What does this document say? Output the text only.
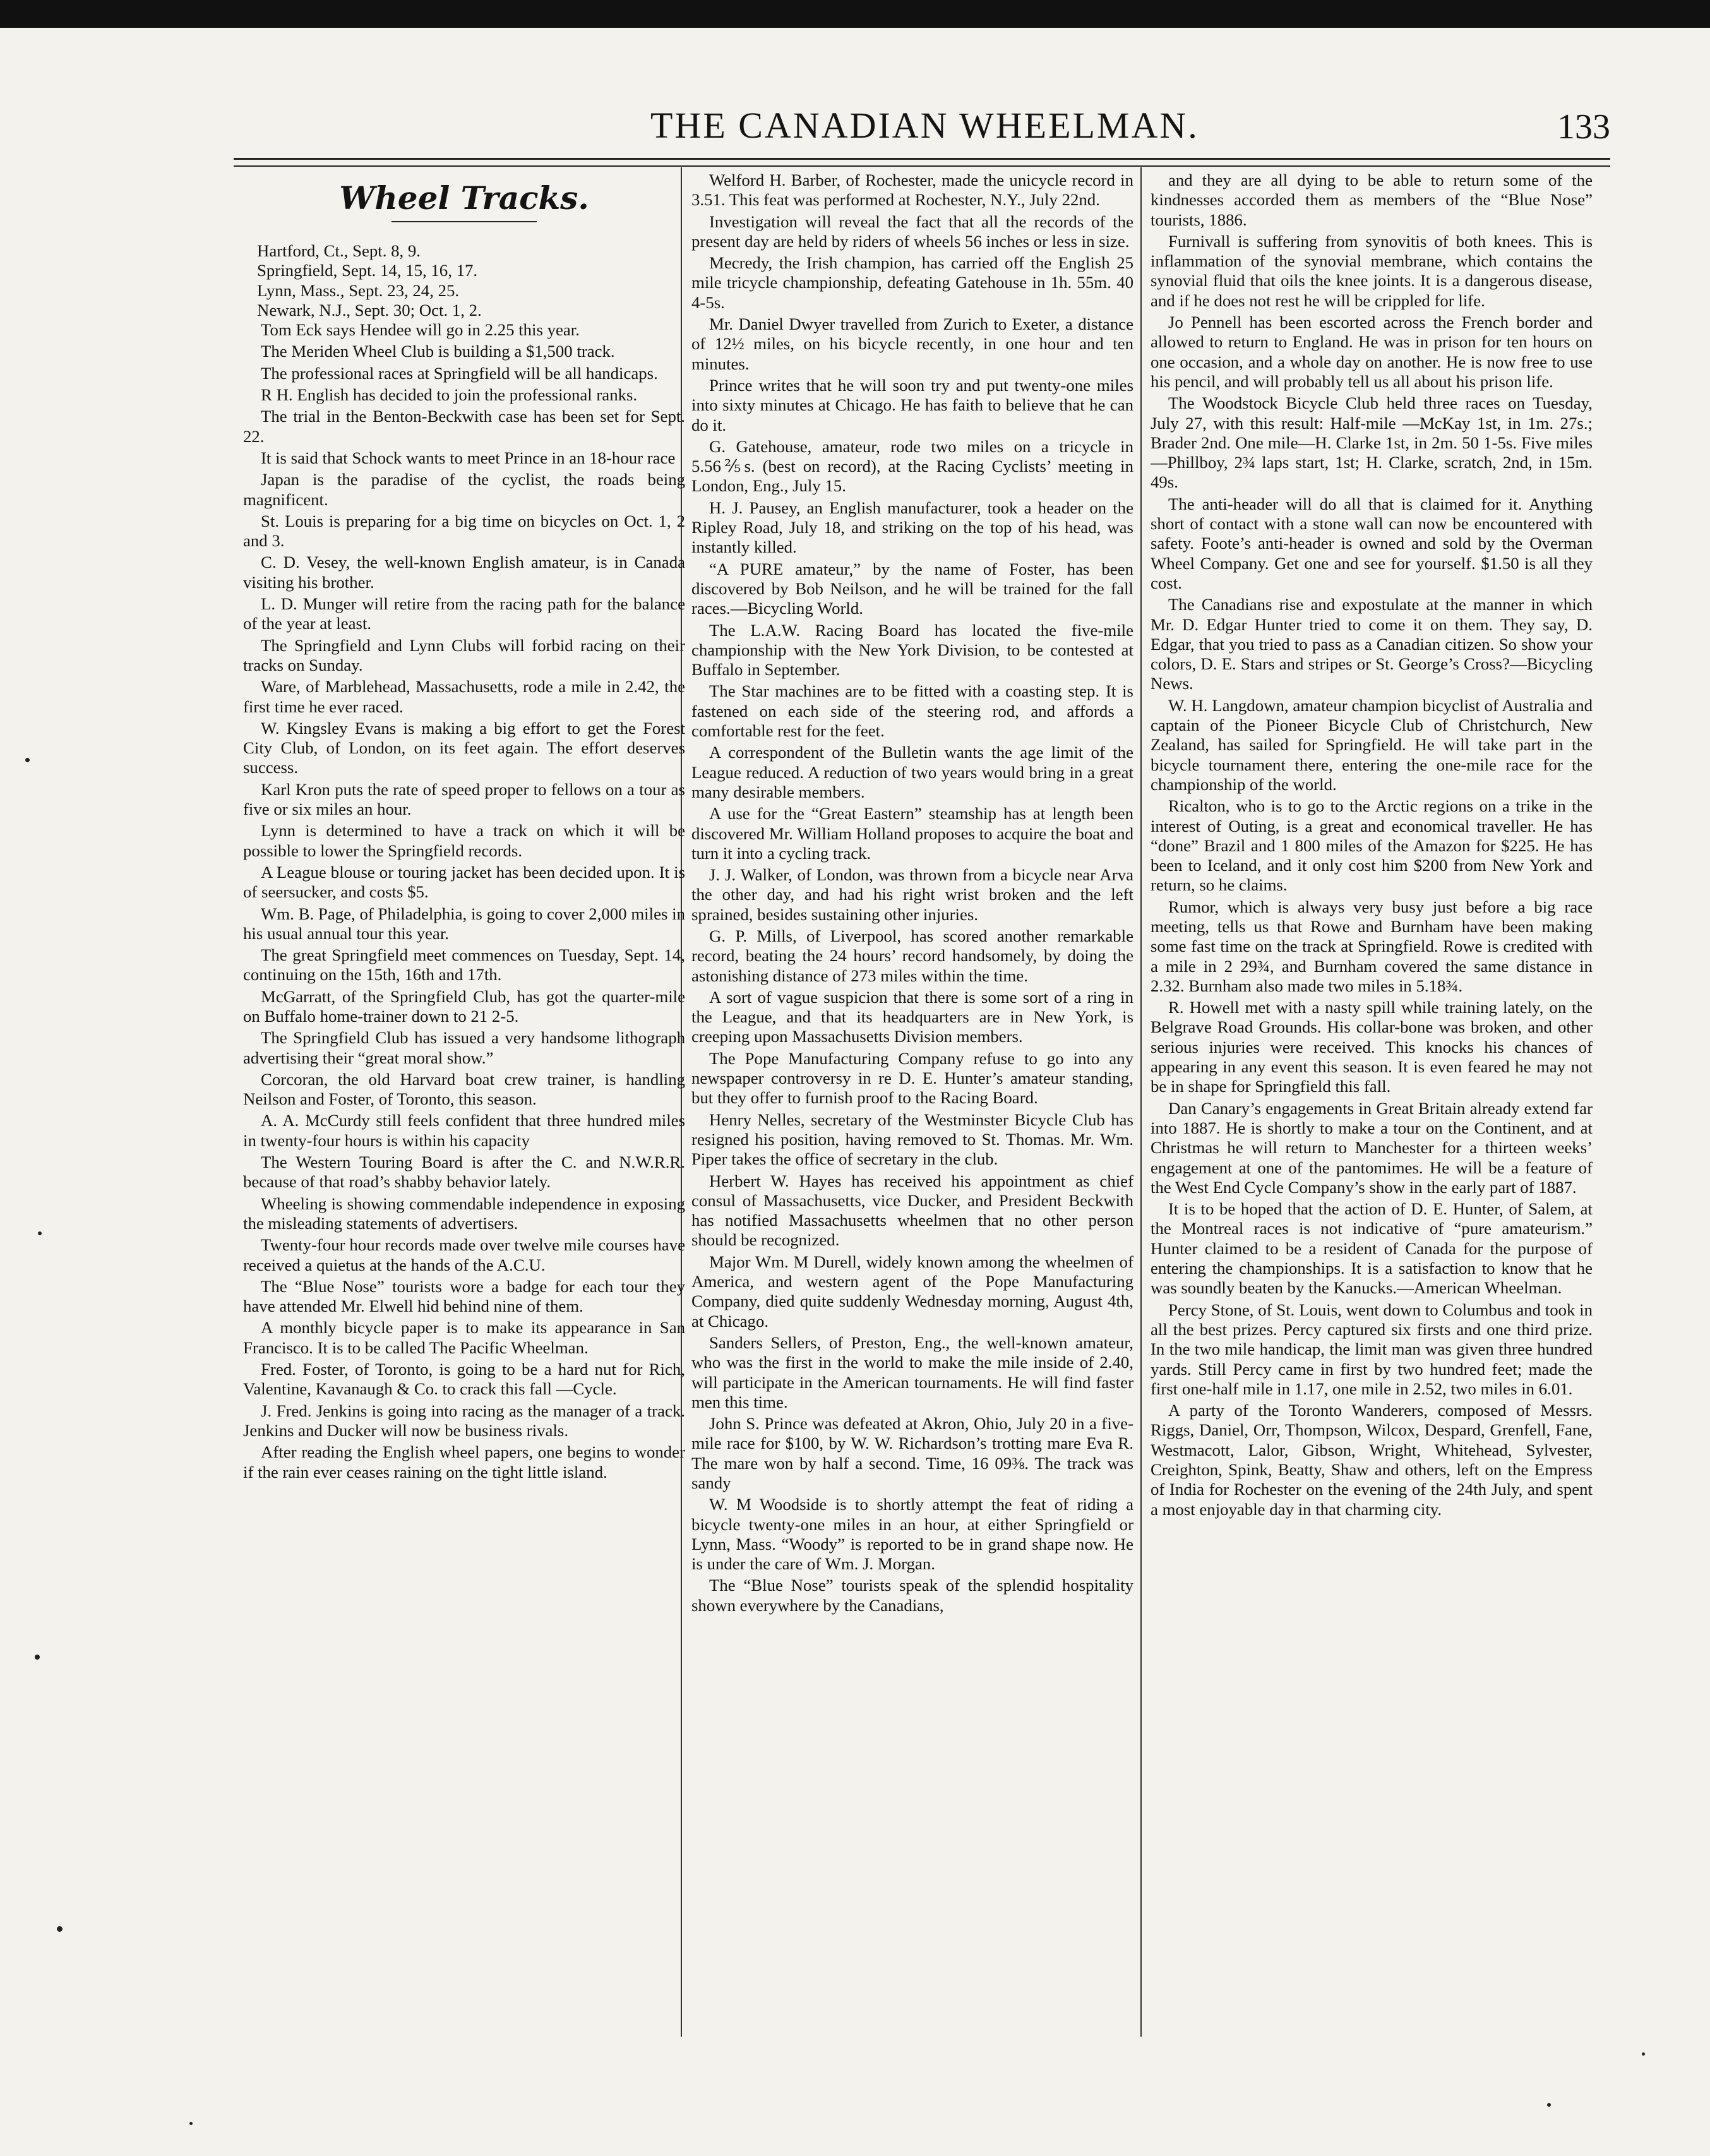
THE CANADIAN WHEELMAN.	133
Wheel Tracks.

Hartford, Ct., Sept. 8, 9.

Springfield, Sept. 14, 15, 16, 17.

Lynn, Mass., Sept. 23, 24, 25.

Newark, N.J., Sept. 30; Oct. 1, 2.

Tom Eck says Hendee will go in 2.25 this year.

The Meriden Wheel Club is building a $1,500 track.

The professional races at Springfield will be all handicaps.

R H. English has decided to join the professional ranks.

The trial in the Benton-Beckwith case has been set for Sept. 22.

It is said that Schock wants to meet Prince in an 18-hour race

Japan is the paradise of the cyclist, the roads being magnificent.

St. Louis is preparing for a big time on bicycles on Oct. 1, 2 and 3.

C. D. Vesey, the well-known English amateur, is in Canada visiting his brother.

L. D. Munger will retire from the racing path for the balance of the year at least.

The Springfield and Lynn Clubs will forbid racing on their tracks on Sunday.

Ware, of Marblehead, Massachusetts, rode a mile in 2.42, the first time he ever raced.

W. Kingsley Evans is making a big effort to get the Forest City Club, of London, on its feet again. The effort deserves success.

Karl Kron puts the rate of speed proper to fellows on a tour as five or six miles an hour.

Lynn is determined to have a track on which it will be possible to lower the Springfield records.

A League blouse or touring jacket has been decided upon. It is of seersucker, and costs $5.

Wm. B. Page, of Philadelphia, is going to cover 2,000 miles in his usual annual tour this year.

The great Springfield meet commences on Tuesday, Sept. 14, continuing on the 15th, 16th and 17th.

McGarratt, of the Springfield Club, has got the quarter-mile on Buffalo home-trainer down to 21 2-5.

The Springfield Club has issued a very handsome lithograph advertising their “great moral show.”

Corcoran, the old Harvard boat crew trainer, is handling Neilson and Foster, of Toronto, this season.

A. A. McCurdy still feels confident that three hundred miles in twenty-four hours is within his capacity

The Western Touring Board is after the C. and N.W.R.R. because of that road’s shabby behavior lately.

Wheeling is showing commendable independence in exposing the misleading statements of advertisers.

Twenty-four hour records made over twelve mile courses have received a quietus at the hands of the A.C.U.

The “Blue Nose” tourists wore a badge for each tour they have attended Mr. Elwell hid behind nine of them.

A monthly bicycle paper is to make its appearance in San Francisco. It is to be called The Pacific Wheelman.

Fred. Foster, of Toronto, is going to be a hard nut for Rich, Valentine, Kavanaugh & Co. to crack this fall —Cycle.

J. Fred. Jenkins is going into racing as the manager of a track. Jenkins and Ducker will now be business rivals.

After reading the English wheel papers, one begins to wonder if the rain ever ceases raining on the tight little island.

Welford H. Barber, of Rochester, made the unicycle record in 3.51. This feat was performed at Rochester, N.Y., July 22nd.

Investigation will reveal the fact that all the records of the present day are held by riders of wheels 56 inches or less in size.

Mecredy, the Irish champion, has carried off the English 25 mile tricycle championship, defeating Gatehouse in 1h. 55m. 40 4-5s.

Mr. Daniel Dwyer travelled from Zurich to Exeter, a distance of 12½ miles, on his bicycle recently, in one hour and ten minutes.

Prince writes that he will soon try and put twenty-one miles into sixty minutes at Chicago. He has faith to believe that he can do it.

G. Gatehouse, amateur, rode two miles on a tricycle in 5.56⅖s. (best on record), at the Racing Cyclists’ meeting in London, Eng., July 15.

H. J. Pausey, an English manufacturer, took a header on the Ripley Road, July 18, and striking on the top of his head, was instantly killed.

“A PURE amateur,” by the name of Foster, has been discovered by Bob Neilson, and he will be trained for the fall races.—Bicycling World.

The L.A.W. Racing Board has located the five-mile championship with the New York Division, to be contested at Buffalo in September.

The Star machines are to be fitted with a coasting step. It is fastened on each side of the steering rod, and affords a comfortable rest for the feet.

A correspondent of the Bulletin wants the age limit of the League reduced. A reduction of two years would bring in a great many desirable members.

A use for the “Great Eastern” steamship has at length been discovered Mr. William Holland proposes to acquire the boat and turn it into a cycling track.

J. J. Walker, of London, was thrown from a bicycle near Arva the other day, and had his right wrist broken and the left sprained, besides sustaining other injuries.

G. P. Mills, of Liverpool, has scored another remarkable record, beating the 24 hours’ record handsomely, by doing the astonishing distance of 273 miles within the time.

A sort of vague suspicion that there is some sort of a ring in the League, and that its headquarters are in New York, is creeping upon Massachusetts Division members.

The Pope Manufacturing Company refuse to go into any newspaper controversy in re D. E. Hunter’s amateur standing, but they offer to furnish proof to the Racing Board.

Henry Nelles, secretary of the Westminster Bicycle Club has resigned his position, having removed to St. Thomas. Mr. Wm. Piper takes the office of secretary in the club.

Herbert W. Hayes has received his appointment as chief consul of Massachusetts, vice Ducker, and President Beckwith has notified Massachusetts wheelmen that no other person should be recognized.

Major Wm. M Durell, widely known among the wheelmen of America, and western agent of the Pope Manufacturing Company, died quite suddenly Wednesday morning, August 4th, at Chicago.

Sanders Sellers, of Preston, Eng., the well-known amateur, who was the first in the world to make the mile inside of 2.40, will participate in the American tournaments. He will find faster men this time.

John S. Prince was defeated at Akron, Ohio, July 20 in a five-mile race for $100, by W. W. Richardson’s trotting mare Eva R. The mare won by half a second. Time, 16 09⅜. The track was sandy

W. M Woodside is to shortly attempt the feat of riding a bicycle twenty-one miles in an hour, at either Springfield or Lynn, Mass. “Woody” is reported to be in grand shape now. He is under the care of Wm. J. Morgan.

The “Blue Nose” tourists speak of the splendid hospitality shown everywhere by the Canadians,

and they are all dying to be able to return some of the kindnesses accorded them as members of the “Blue Nose” tourists, 1886.

Furnivall is suffering from synovitis of both knees. This is inflammation of the synovial membrane, which contains the synovial fluid that oils the knee joints. It is a dangerous disease, and if he does not rest he will be crippled for life.

Jo Pennell has been escorted across the French border and allowed to return to England. He was in prison for ten hours on one occasion, and a whole day on another. He is now free to use his pencil, and will probably tell us all about his prison life.

The Woodstock Bicycle Club held three races on Tuesday, July 27, with this result: Half-mile —McKay 1st, in 1m. 27s.; Brader 2nd. One mile—H. Clarke 1st, in 2m. 50 1-5s. Five miles —Phillboy, 2¾ laps start, 1st; H. Clarke, scratch, 2nd, in 15m. 49s.

The anti-header will do all that is claimed for it. Anything short of contact with a stone wall can now be encountered with safety. Foote’s anti-header is owned and sold by the Overman Wheel Company. Get one and see for yourself. $1.50 is all they cost.

The Canadians rise and expostulate at the manner in which Mr. D. Edgar Hunter tried to come it on them. They say, D. Edgar, that you tried to pass as a Canadian citizen. So show your colors, D. E. Stars and stripes or St. George’s Cross?—Bicycling News.

W. H. Langdown, amateur champion bicyclist of Australia and captain of the Pioneer Bicycle Club of Christchurch, New Zealand, has sailed for Springfield. He will take part in the bicycle tournament there, entering the one-mile race for the championship of the world.

Ricalton, who is to go to the Arctic regions on a trike in the interest of Outing, is a great and economical traveller. He has “done” Brazil and 1 800 miles of the Amazon for $225. He has been to Iceland, and it only cost him $200 from New York and return, so he claims.

Rumor, which is always very busy just before a big race meeting, tells us that Rowe and Burnham have been making some fast time on the track at Springfield. Rowe is credited with a mile in 2 29¾, and Burnham covered the same distance in 2.32. Burnham also made two miles in 5.18¾.

R. Howell met with a nasty spill while training lately, on the Belgrave Road Grounds. His collar-bone was broken, and other serious injuries were received. This knocks his chances of appearing in any event this season. It is even feared he may not be in shape for Springfield this fall.

Dan Canary’s engagements in Great Britain already extend far into 1887. He is shortly to make a tour on the Continent, and at Christmas he will return to Manchester for a thirteen weeks’ engagement at one of the pantomimes. He will be a feature of the West End Cycle Company’s show in the early part of 1887.

It is to be hoped that the action of D. E. Hunter, of Salem, at the Montreal races is not indicative of “pure amateurism.” Hunter claimed to be a resident of Canada for the purpose of entering the championships. It is a satisfaction to know that he was soundly beaten by the Kanucks.—American Wheelman.

Percy Stone, of St. Louis, went down to Columbus and took in all the best prizes. Percy captured six firsts and one third prize. In the two mile handicap, the limit man was given three hundred yards. Still Percy came in first by two hundred feet; made the first one-half mile in 1.17, one mile in 2.52, two miles in 6.01.

A party of the Toronto Wanderers, composed of Messrs. Riggs, Daniel, Orr, Thompson, Wilcox, Despard, Grenfell, Fane, Westmacott, Lalor, Gibson, Wright, Whitehead, Sylvester, Creighton, Spink, Beatty, Shaw and others, left on the Empress of India for Rochester on the evening of the 24th July, and spent a most enjoyable day in that charming city.
